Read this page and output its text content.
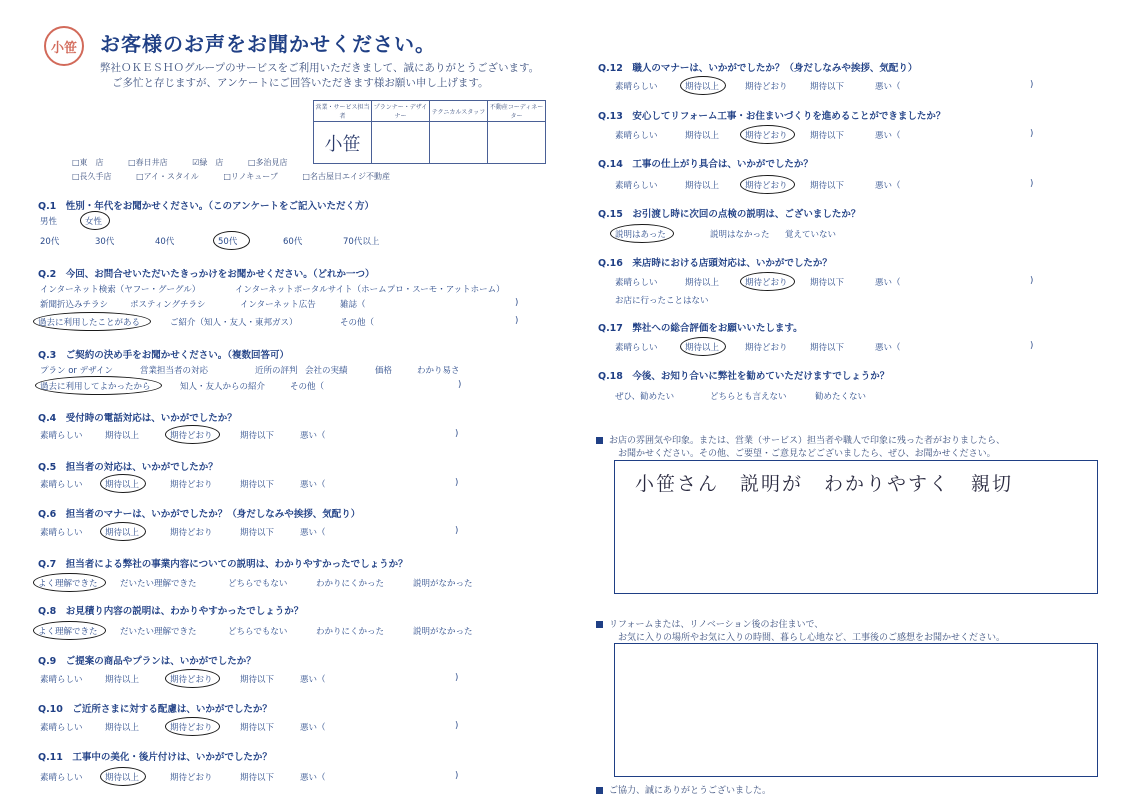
小笹 お客様のお声をお聞かせください。
弊社ＯＫＥＳＨＯグループのサービスをご利用いただきまして、誠にありがとうございます。
ご多忙と存じますが、アンケートにご回答いただきます様お願い申し上げます。
営業・サービス担当者	プランナー・デザイナー	テクニカルスタッフ	不動産コーディネーター
小笹			
□東　店	□春日井店	☑緑　店	□多治見店
□長久手店	□アイ・スタイル	□リノキューブ	□名古屋日エイジ不動産
Q.1　性別・年代をお聞かせください。（このアンケートをご記入いただく方）
男性	女性
20代	30代	40代	50代	60代	70代以上
Q.2　今回、お問合せいただいたきっかけをお聞かせください。（どれか一つ）
インターネット検索（ヤフー・グーグル）	インターネットポータルサイト（ホームプロ・スーモ・アットホーム）
新聞折込みチラシ	ポスティングチラシ	インターネット広告	雑誌（	)
過去に利用したことがある	ご紹介（知人・友人・東邦ガス）	その他（	)
Q.3　ご契約の決め手をお聞かせください。（複数回答可）
プラン or デザイン	営業担当者の対応	近所の評判 会社の実績	価格	わかり易さ
過去に利用してよかったから	知人・友人からの紹介	その他（	)
Q.4　受付時の電話対応は、いかがでしたか？
素晴らしい	期待以上	期待どおり	期待以下	悪い（	)
Q.5　担当者の対応は、いかがでしたか？
素晴らしい	期待以上	期待どおり	期待以下	悪い（	)
Q.6　担当者のマナーは、いかがでしたか？（身だしなみや挨拶、気配り）
素晴らしい	期待以上	期待どおり	期待以下	悪い（	)
Q.7　担当者による弊社の事業内容についての説明は、わかりやすかったでしょうか？
よく理解できた	だいたい理解できた	どちらでもない	わかりにくかった	説明がなかった
Q.8　お見積り内容の説明は、わかりやすかったでしょうか？
よく理解できた	だいたい理解できた	どちらでもない	わかりにくかった	説明がなかった
Q.9　ご提案の商品やプランは、いかがでしたか？
素晴らしい	期待以上	期待どおり	期待以下	悪い（	)
Q.10　ご近所さまに対する配慮は、いかがでしたか？
素晴らしい	期待以上	期待どおり	期待以下	悪い（	)
Q.11　工事中の美化・後片付けは、いかがでしたか？
素晴らしい	期待以上	期待どおり	期待以下	悪い（	)
Q.12　職人のマナーは、いかがでしたか？（身だしなみや挨拶、気配り）
素晴らしい	期待以上	期待どおり	期待以下	悪い（	)
Q.13　安心してリフォーム工事・お住まいづくりを進めることができましたか？
素晴らしい	期待以上	期待どおり	期待以下	悪い（	)
Q.14　工事の仕上がり具合は、いかがでしたか？
素晴らしい	期待以上	期待どおり	期待以下	悪い（	)
Q.15　お引渡し時に次回の点検の説明は、ございましたか？
説明はあった	説明はなかった 覚えていない
Q.16　来店時における店頭対応は、いかがでしたか？
素晴らしい	期待以上	期待どおり	期待以下	悪い（	)
お店に行ったことはない
Q.17　弊社への総合評価をお願いいたします。
素晴らしい	期待以上	期待どおり	期待以下	悪い（	)
Q.18　今後、お知り合いに弊社を勧めていただけますでしょうか？
ぜひ、勧めたい	どちらとも言えない	勧めたくない
お店の雰囲気や印象。または、営業（サービス）担当者や職人で印象に残った者がおりましたら、
お聞かせください。その他、ご要望・ご意見などございましたら、ぜひ、お聞かせください。
小笹さん　説明が　わかりやすく　親切
リフォームまたは、リノベーション後のお住まいで、
お気に入りの場所やお気に入りの時間、暮らし心地など、工事後のご感想をお聞かせください。
ご協力、誠にありがとうございました。
